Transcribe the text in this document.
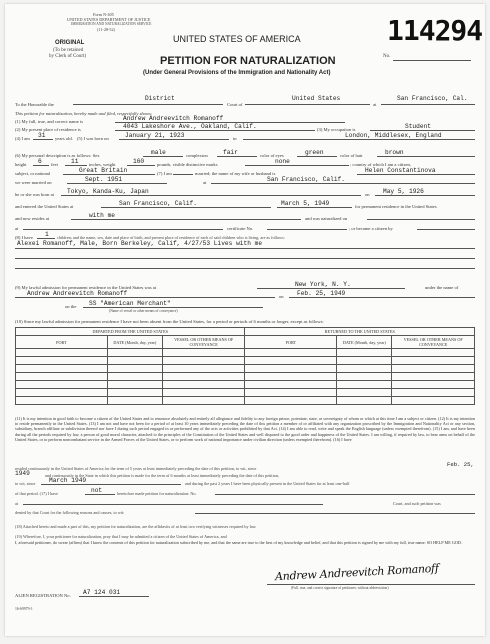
Form N-405
UNITED STATES DEPARTMENT OF JUSTICE
IMMIGRATION AND NATURALIZATION SERVICE
(11-28-52)
ORIGINAL
(To be retained
by Clerk of Court)
UNITED STATES OF AMERICA
PETITION FOR NATURALIZATION
(Under General Provisions of the Immigration and Nationality Act)
114294
No.
To the Honorable the
District
Court of
United States
at
San Francisco, Cal.
This petition for naturalization, hereby made and filed, respectfully shows:
(1) My full, true, and correct name is	Andrew Andreevitch Romanoff
(2) My present place of residence is	4043 Lakeshore Ave., Oakland, Calif.	(3) My occupation is	Student
(4) I am 31 years old. (5) I was born on	January 21, 1923	in	London, Middlesex, England
(6) My personal description is as follows: Sex	male	complexion fair	color of eyes	green	color of hair	brown
height 6 feet 11 inches, weight	160	pounds, visible distinctive marks	none	; country of which I am a citizen,
subject, or national	Great Britain	(7) I am	married; the name of my wife or husband is	Helen Constantinova
we were married on	Sept. 1951	at	San Francisco, Calif.
he or she was born at Tokyo, Kanda-Ku, Japan	on May 5, 1926
and entered the United States at	San Francisco, Calif.	March 5, 1949	for permanent residence in the United States
and now resides at	with me	and was naturalized on
at	certificate No.	; or became a citizen by
(8) I have 1 children; and the name, sex, date and place of birth, and present place of residence of each of said children who is living, are as follows:
Alexei Romanoff, Male, Born Berkeley, Calif, 4/27/53 Lives with me
(9) My lawful admission for permanent residence in the United States was at	New York, N. Y.	under the name of
Andrew Andreevitch Romanoff	on Feb. 25, 1949
on the SS "American Merchant"
(Name of vessel or other means of conveyance)
(10) Since my lawful admission for permanent residence I have not been absent from the United States, for a period or periods of 6 months or longer, except as follows:
DEPARTED FROM THE UNITED STATES			RETURNED TO THE UNITED STATES		
PORT	DATE (Month, day, year)	VESSEL OR OTHER MEANS OF CONVEYANCE	PORT	DATE (Month, day, year)	VESSEL OR OTHER MEANS OF CONVEYANCE

(11) It is my intention in good faith to become a citizen of the United States and to renounce absolutely and entirely all allegiance and fidelity to any foreign prince, potentate, state, or sovereignty of whom or which at this time I am a subject or citizen. (12) It is my intention to reside permanently in the United States. (13) I am not and have not been for a period of at least 10 years immediately preceding the date of this petition a member of or affiliated with any organization proscribed by the Immigration and Nationality Act or any section, subsidiary, branch affiliate or subdivision thereof nor have I during such period engaged in or performed any of the acts or activities prohibited by that Act. (14) I am able to read, write and speak the English language (unless exempted therefrom). (15) I am, and have been during all the periods required by law, a person of good moral character, attached to the principles of the Constitution of the United States and well disposed to the good order and happiness of the United States. I am willing, if required by law, to bear arms on behalf of the United States, or to perform noncombatant service in the Armed Forces of the United States, or to perform work of national importance under civilian direction (unless exempted therefrom). (16) I have
resided continuously in the United States of America for the term of 5 years at least immediately preceding the date of this petition, to wit, since
Feb. 25,
1949	and continuously in the State in which this petition is made for the term of 6 months at least immediately preceding the date of this petition,
to wit, since March 1949	and during the past 2 years I have been physically present in the United States for at least one-half
of that period. (17) I have	not	heretofore made petition for naturalization: No.
at	Court, and such petition was
denied by that Court for the following reasons and causes, to wit:
(18) Attached hereto and made a part of this, my petition for naturalization, are the affidavits of at least two verifying witnesses required by law.
(19) Wherefore, I, your petitioner for naturalization, pray that I may be admitted a citizen of the United States of America, and
I, aforesaid petitioner, do swear (affirm) that I know the contents of this petition for naturalization subscribed by me, and that the same are true to the best of my knowledge and belief, and that this petition is signed by me with my full, true name: SO HELP ME GOD.
ALIEN REGISTRATION No. A7 124 031
Andrew Andreevitch Romanoff
(Full, true, and correct signature of petitioner, without abbreviation)
16-69979-1
